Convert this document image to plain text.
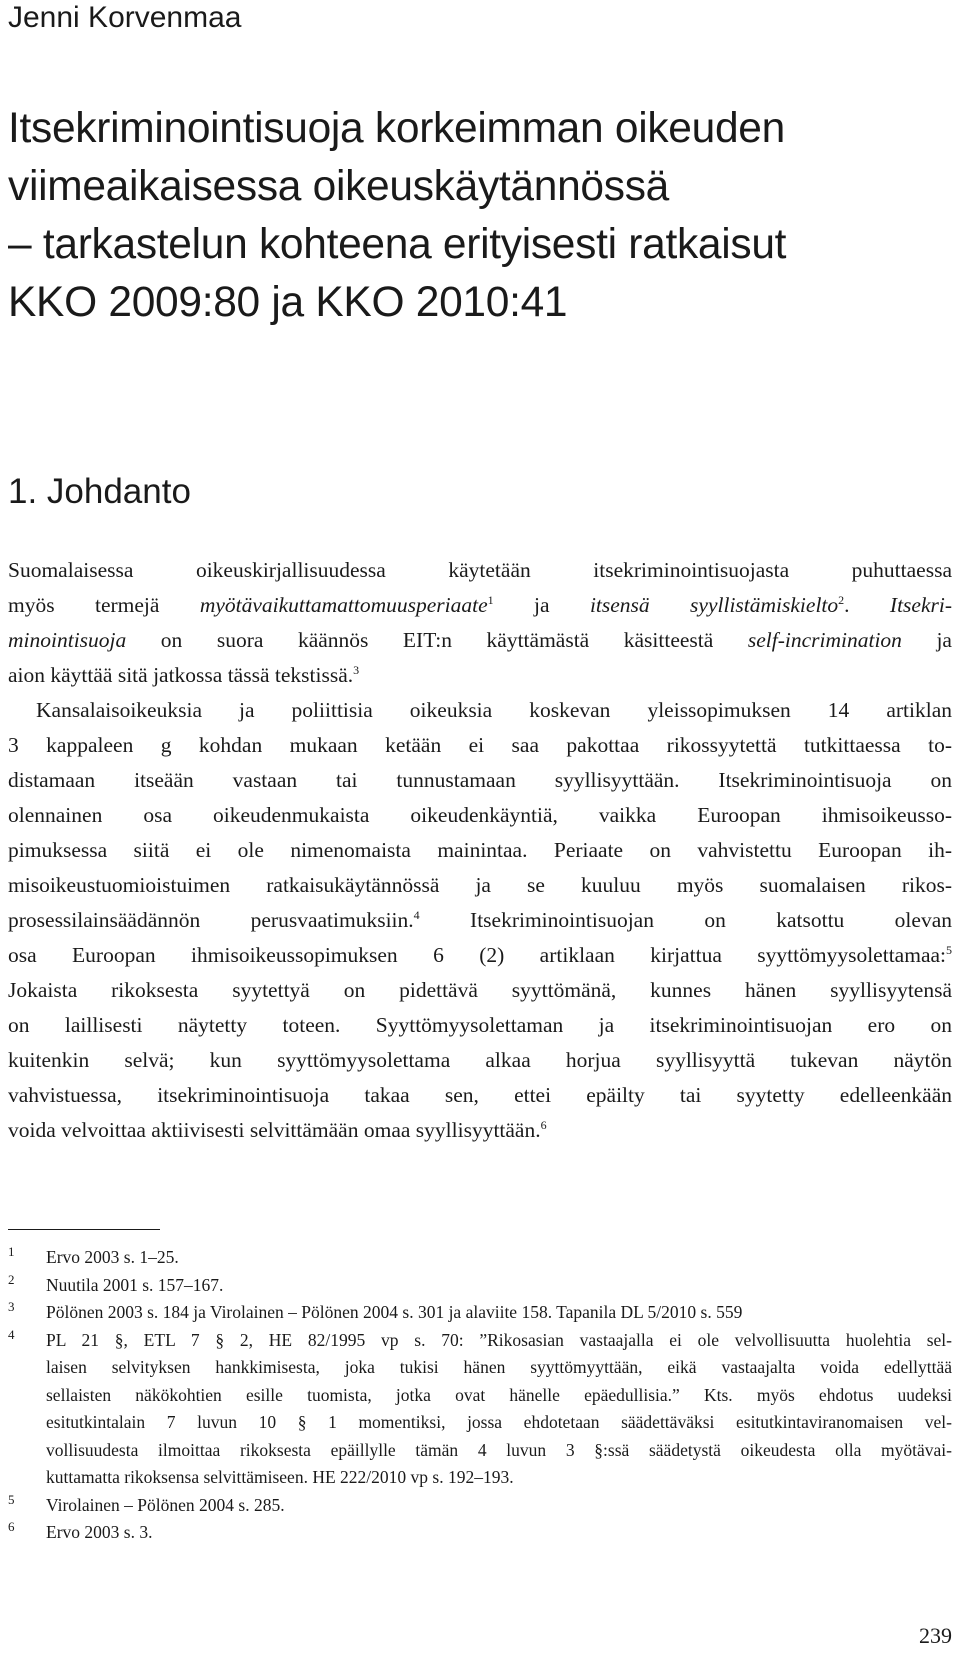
Jenni Korvenmaa
Itsekriminointisuoja korkeimman oikeuden
viimeaikaisessa oikeuskäytännössä
– tarkastelun kohteena erityisesti ratkaisut
KKO 2009:80 ja KKO 2010:41
1. Johdanto

Suomalaisessa oikeuskirjallisuudessa käytetään itsekriminointisuojasta puhuttaessa
myös termejä myötävaikuttamattomuusperiaate$^1$ ja itsensä syyllistämiskielto$^2$. Itsekri-
minointisuoja on suora käännös EIT:n käyttämästä käsitteestä self-incrimination ja
aion käyttää sitä jatkossa tässä tekstissä.$^3$

Kansalaisoikeuksia ja poliittisia oikeuksia koskevan yleissopimuksen 14 artiklan
3 kappaleen g kohdan mukaan ketään ei saa pakottaa rikossyytettä tutkittaessa to-
distamaan itseään vastaan tai tunnustamaan syyllisyyttään. Itsekriminointisuoja on
olennainen osa oikeudenmukaista oikeudenkäyntiä, vaikka Euroopan ihmisoikeusso-
pimuksessa siitä ei ole nimenomaista mainintaa. Periaate on vahvistettu Euroopan ih-
misoikeustuomioistuimen ratkaisukäytännössä ja se kuuluu myös suomalaisen rikos-
prosessilainsäädännön perusvaatimuksiin.$^4$ Itsekriminointisuojan on katsottu olevan
osa Euroopan ihmisoikeussopimuksen 6 (2) artiklaan kirjattua syyttömyysolettamaa:$^5$
Jokaista rikoksesta syytettyä on pidettävä syyttömänä, kunnes hänen syyllisyytensä
on laillisesti näytetty toteen. Syyttömyysolettaman ja itsekriminointisuojan ero on
kuitenkin selvä; kun syyttömyysolettama alkaa horjua syyllisyyttä tukevan näytön
vahvistuessa, itsekriminointisuoja takaa sen, ettei epäilty tai syytetty edelleenkään
voida velvoittaa aktiivisesti selvittämään omaa syyllisyyttään.$^6$

1 Ervo 2003 s. 1–25.
2 Nuutila 2001 s. 157–167.
3 Pölönen 2003 s. 184 ja Virolainen – Pölönen 2004 s. 301 ja alaviite 158. Tapanila DL 5/2010 s. 559
4 PL 21 §, ETL 7 § 2, HE 82/1995 vp s. 70: ”Rikosasian vastaajalla ei ole velvollisuutta huolehtia sel-
laisen selvityksen hankkimisesta, joka tukisi hänen syyttömyyttään, eikä vastaajalta voida edellyttää
sellaisten näkökohtien esille tuomista, jotka ovat hänelle epäedullisia.” Kts. myös ehdotus uudeksi
esitutkintalain 7 luvun 10 § 1 momentiksi, jossa ehdotetaan säädettäväksi esitutkintaviranomaisen vel-
vollisuudesta ilmoittaa rikoksesta epäillylle tämän 4 luvun 3 §:ssä säädetystä oikeudesta olla myötävai-
kuttamatta rikoksensa selvittämiseen. HE 222/2010 vp s. 192–193.
5 Virolainen – Pölönen 2004 s. 285.
6 Ervo 2003 s. 3.
239
